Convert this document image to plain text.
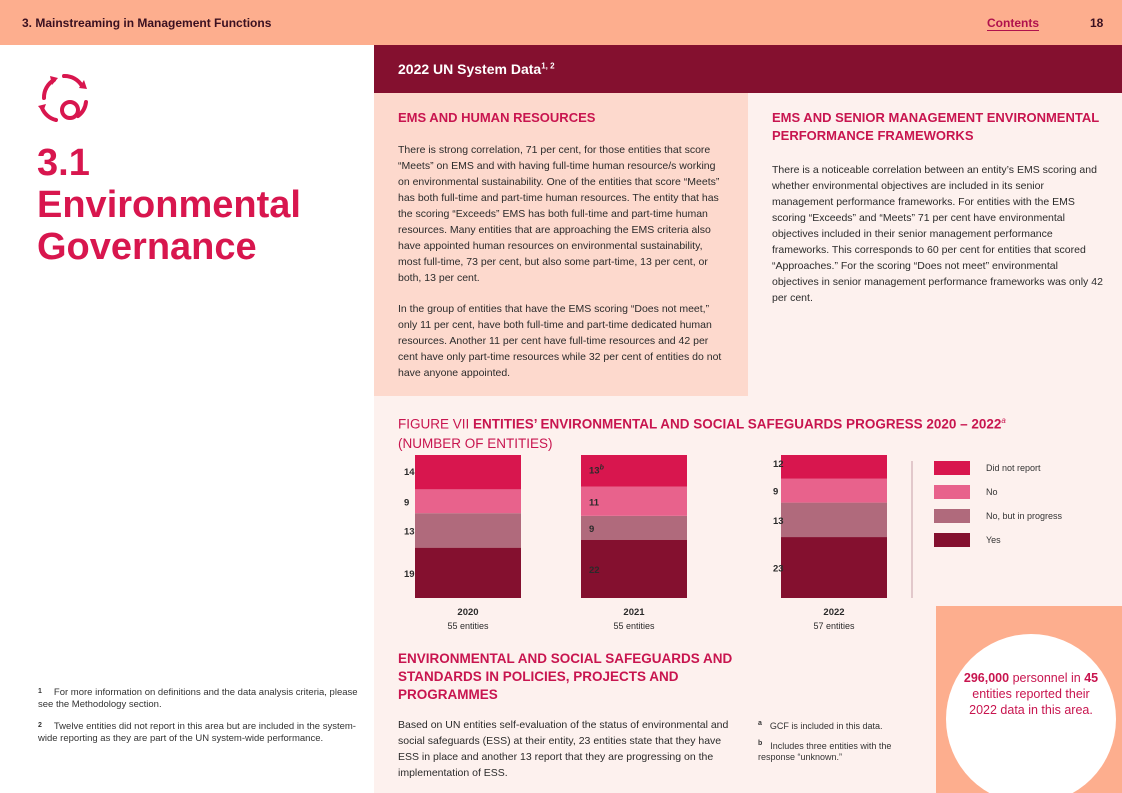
3. Mainstreaming in Management Functions	Contents	18
3.1  Environmental Governance
$^1$ For more information on definitions and the data analysis criteria, please see the Methodology section.
$^2$ Twelve entities did not report in this area but are included in the system-wide reporting as they are part of the UN system-wide performance.
2022 UN System Data$^{1, 2}$
EMS AND HUMAN RESOURCES

There is strong correlation, 71 per cent, for those entities that score “Meets” on EMS and with having full-time human resource/s working on environmental sustainability. One of the entities that score “Meets” has both full-time and part-time human resources. The entity that has the scoring “Exceeds” EMS has both full-time and part-time human resources. Many entities that are approaching the EMS criteria also have appointed human resources on environmental sustainability, most full-time, 73 per cent, but also some part-time, 13 per cent, or both, 13 per cent.

In the group of entities that have the EMS scoring “Does not meet,” only 11 per cent, have both full-time and part-time dedicated human resources. Another 11 per cent have full-time resources and 42 per cent have only part-time resources while 32 per cent of entities do not have anyone appointed.

EMS AND SENIOR MANAGEMENT ENVIRONMENTAL PERFORMANCE FRAMEWORKS

There is a noticeable correlation between an entity’s EMS scoring and whether environmental objectives are included in its senior management performance frameworks. For entities with the EMS scoring “Exceeds” and “Meets” 71 per cent have environmental objectives included in their senior management performance frameworks. This corresponds to 60 per cent for entities that scored “Approaches.” For the scoring “Does not meet” environmental objectives in senior management performance frameworks was only 42 per cent.

FIGURE VII ENTITIES’ ENVIRONMENTAL AND SOCIAL SAFEGUARDS PROGRESS 2020 – 2022$^a$
(NUMBER OF ENTITIES)
19
13
9
14
2020
55 entities
22
9
11
13$^b$
2021
55 entities
23
13
9
12
2022
57 entities
Did not report
No
No, but in progress
Yes
ENVIRONMENTAL AND SOCIAL SAFEGUARDS AND STANDARDS IN POLICIES, PROJECTS AND PROGRAMMES

Based on UN entities self-evaluation of the status of environmental and social safeguards (ESS) at their entity, 23 entities state that they have ESS in place and another 13 report that they are progressing on the implementation of ESS.

$^a$ GCF is included in this data.
$^b$ Includes three entities with the response “unknown.”
296,000 personnel in 45 entities reported their 2022 data in this area.
